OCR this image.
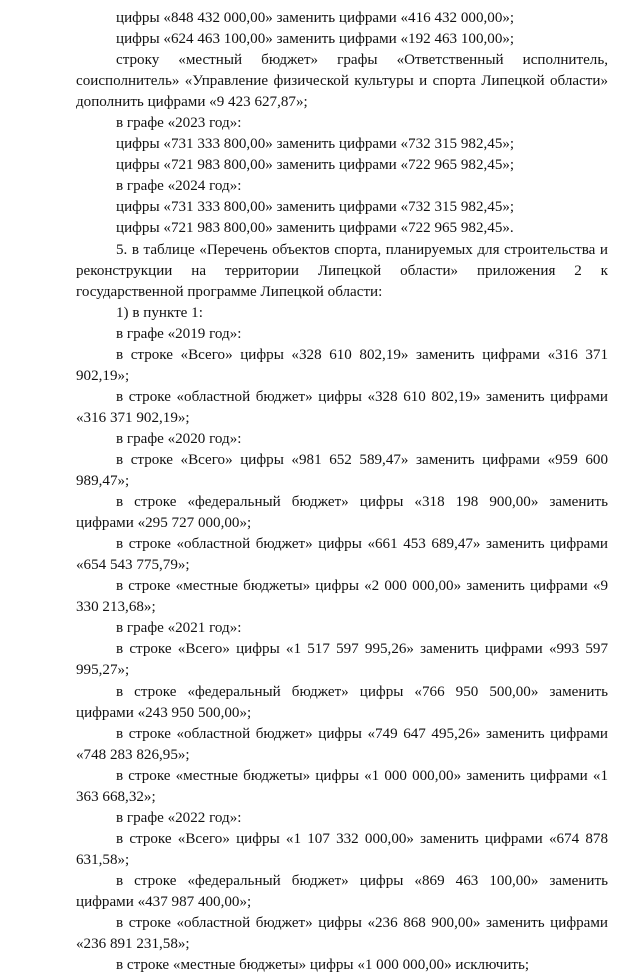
цифры «848 432 000,00» заменить цифрами «416 432 000,00»;

цифры «624 463 100,00» заменить цифрами «192 463 100,00»;

строку «местный бюджет» графы «Ответственный исполнитель, соисполнитель» «Управление физической культуры и спорта Липецкой области» дополнить цифрами «9 423 627,87»;

в графе «2023 год»:

цифры «731 333 800,00» заменить цифрами «732 315 982,45»;

цифры «721 983 800,00» заменить цифрами «722 965 982,45»;

в графе «2024 год»:

цифры «731 333 800,00» заменить цифрами «732 315 982,45»;

цифры «721 983 800,00» заменить цифрами «722 965 982,45».

5. в таблице «Перечень объектов спорта, планируемых для строительства и реконструкции на территории Липецкой области» приложения 2 к государственной программе Липецкой области:

1) в пункте 1:

в графе «2019 год»:

в строке «Всего» цифры «328 610 802,19» заменить цифрами «316 371 902,19»;

в строке «областной бюджет» цифры «328 610 802,19» заменить цифрами «316 371 902,19»;

в графе «2020 год»:

в строке «Всего» цифры «981 652 589,47» заменить цифрами «959 600 989,47»;

в строке «федеральный бюджет» цифры «318 198 900,00» заменить цифрами «295 727 000,00»;

в строке «областной бюджет» цифры «661 453 689,47» заменить цифрами «654 543 775,79»;

в строке «местные бюджеты» цифры «2 000 000,00» заменить цифрами «9 330 213,68»;

в графе «2021 год»:

в строке «Всего» цифры «1 517 597 995,26» заменить цифрами «993 597 995,27»;

в строке «федеральный бюджет» цифры «766 950 500,00» заменить цифрами «243 950 500,00»;

в строке «областной бюджет» цифры «749 647 495,26» заменить цифрами «748 283 826,95»;

в строке «местные бюджеты» цифры «1 000 000,00» заменить цифрами «1 363 668,32»;

в графе «2022 год»:

в строке «Всего» цифры «1 107 332 000,00» заменить цифрами «674 878 631,58»;

в строке «федеральный бюджет» цифры «869 463 100,00» заменить цифрами «437 987 400,00»;

в строке «областной бюджет» цифры «236 868 900,00» заменить цифрами «236 891 231,58»;

в строке «местные бюджеты» цифры «1 000 000,00» исключить;
